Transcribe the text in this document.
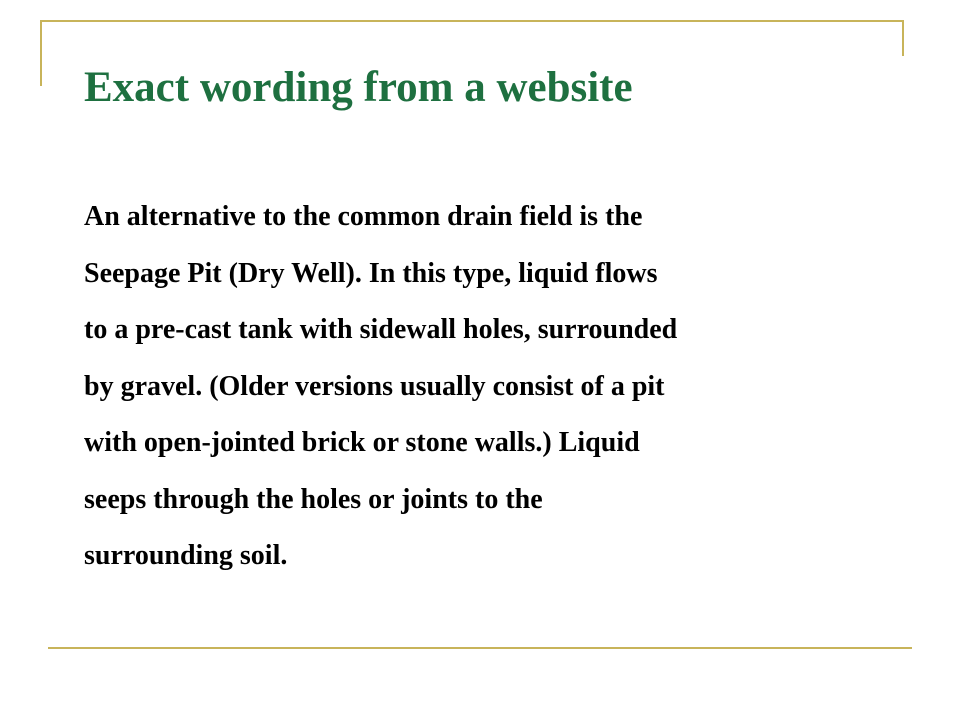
Exact wording from a website

An alternative to the common drain field is the
Seepage Pit (Dry Well). In this type, liquid flows
to a pre-cast tank with sidewall holes, surrounded
by gravel. (Older versions usually consist of a pit
with open-jointed brick or stone walls.) Liquid
seeps through the holes or joints to the
surrounding soil.
